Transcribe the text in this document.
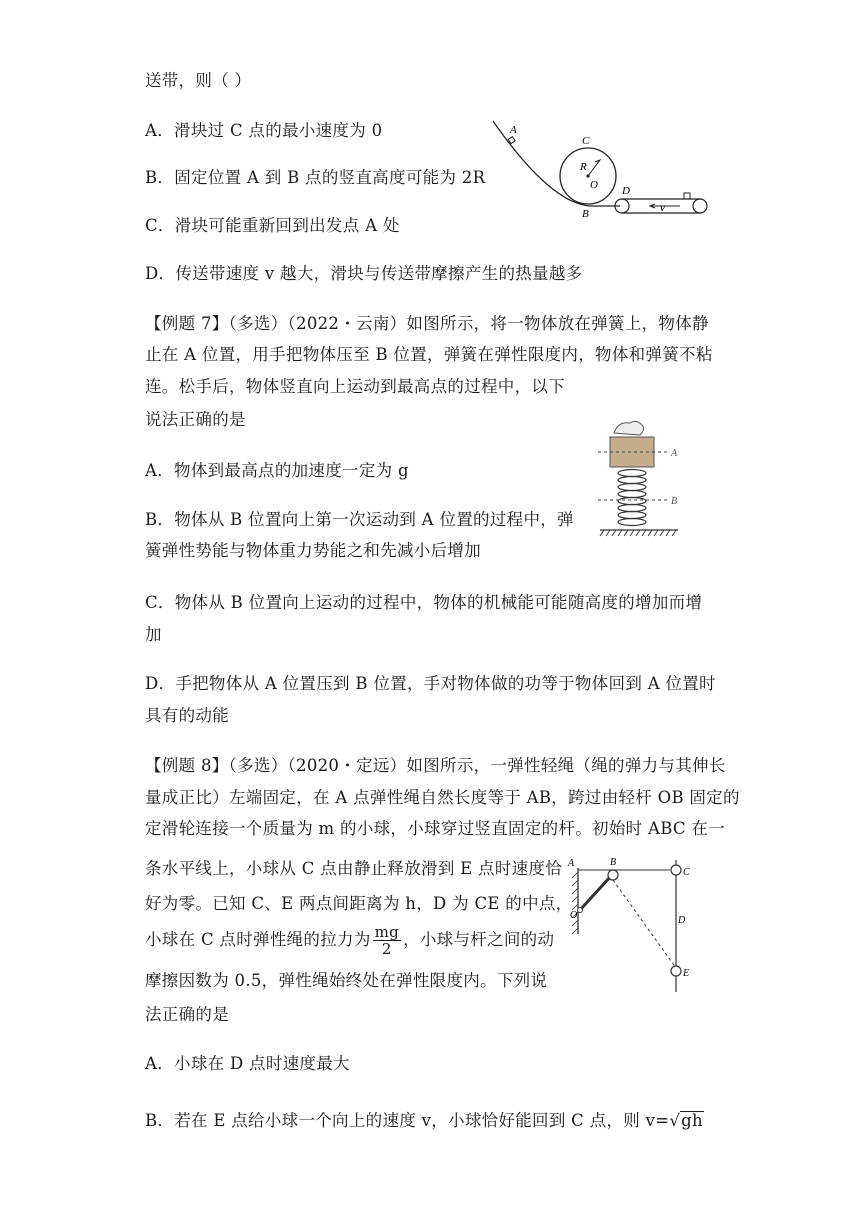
送带，则（ ）
A．滑块过 C 点的最小速度为 0
B．固定位置 A 到 B 点的竖直高度可能为 2R
C．滑块可能重新回到出发点 A 处
D．传送带速度 v 越大，滑块与传送带摩擦产生的热量越多
【例题 7】（多选）（2022・云南）如图所示，将一物体放在弹簧上，物体静
止在 A 位置，用手把物体压至 B 位置，弹簧在弹性限度内，物体和弹簧不粘
连。松手后，物体竖直向上运动到最高点的过程中，以下
说法正确的是
A．物体到最高点的加速度一定为 g
B．物体从 B 位置向上第一次运动到 A 位置的过程中，弹
簧弹性势能与物体重力势能之和先减小后增加
C．物体从 B 位置向上运动的过程中，物体的机械能可能随高度的增加而增
加
D．手把物体从 A 位置压到 B 位置，手对物体做的功等于物体回到 A 位置时
具有的动能
【例题 8】（多选）（2020・定远）如图所示，一弹性轻绳（绳的弹力与其伸长
量成正比）左端固定，在 A 点弹性绳自然长度等于 AB，跨过由轻杆 OB 固定的
定滑轮连接一个质量为 m 的小球，小球穿过竖直固定的杆。初始时 ABC 在一
条水平线上，小球从 C 点由静止释放滑到 E 点时速度恰
好为零。已知 C、E 两点间距离为 h，D 为 CE 的中点，
小球在 C 点时弹性绳的拉力为 $\frac{mg}{2}$ ，小球与杆之间的动
摩擦因数为 0.5，弹性绳始终处在弹性限度内。下列说
法正确的是
A．小球在 D 点时速度最大
B．若在 E 点给小球一个向上的速度 v，小球恰好能回到 C 点，则 v=√gh
A
C
R
O D
B	v
A
B
A	B
C
O	D
E
